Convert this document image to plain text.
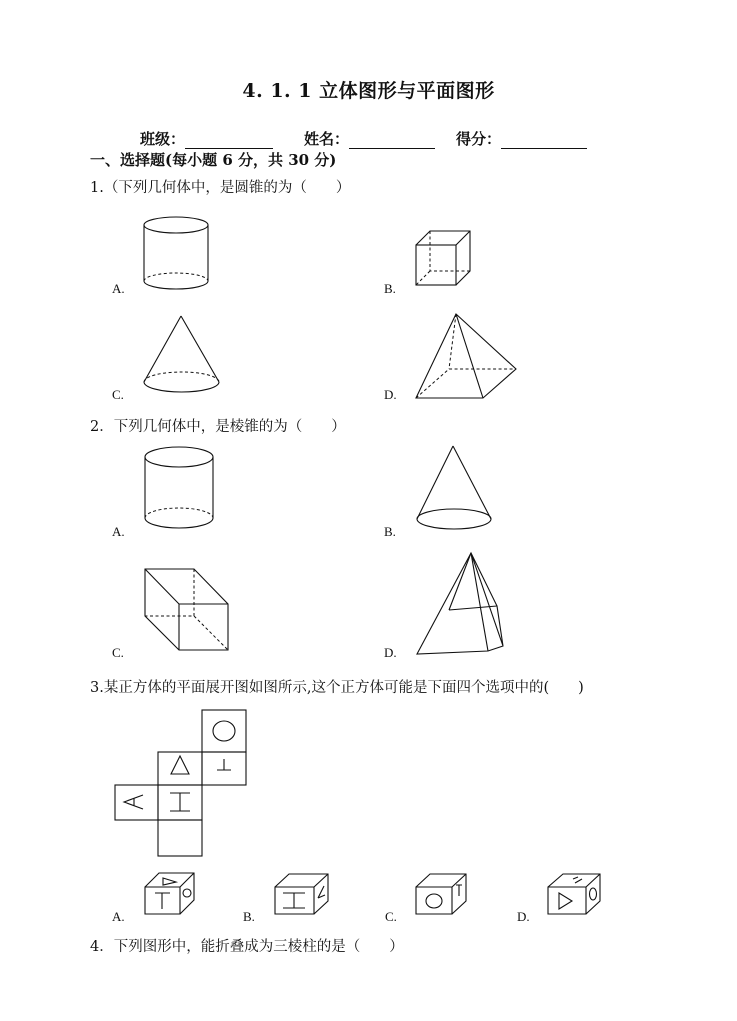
4. 1. 1 立体图形与平面图形
班级：	姓名：	得分：
一、选择题(每小题 6 分，共 30 分)
1.（下列几何体中，是圆锥的为（　　）
A.	B.
C.	D.
2．下列几何体中，是棱锥的为（　　）
A.	B.
C.	D.
3.某正方体的平面展开图如图所示,这个正方体可能是下面四个选项中的(　　)
A.	B.	C.	D.
4．下列图形中，能折叠成为三棱柱的是（　　）
